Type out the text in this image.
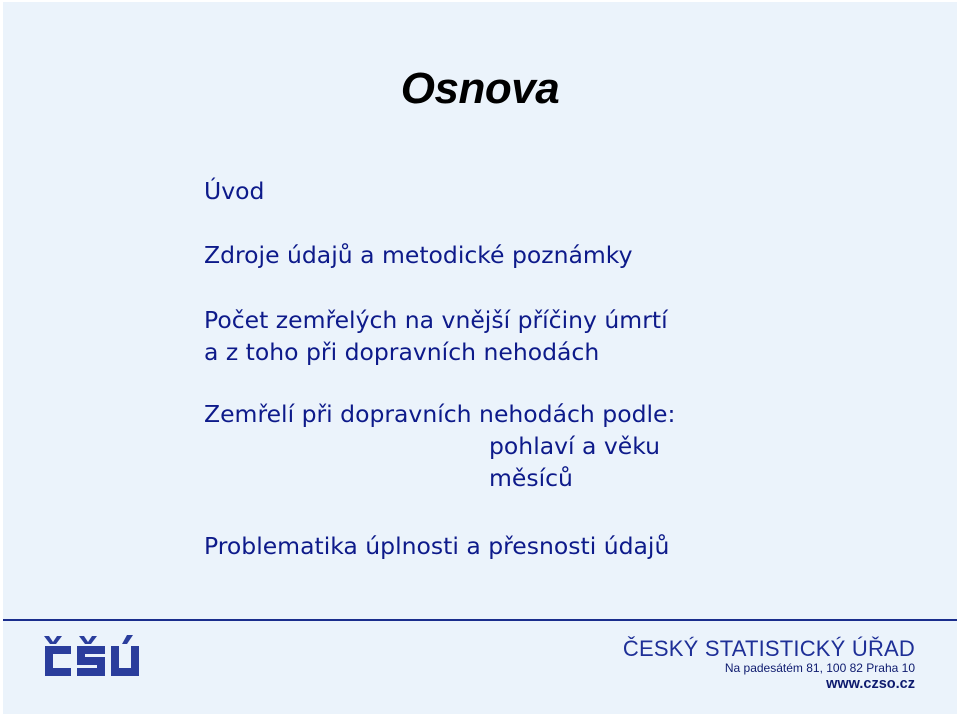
Osnova
Úvod
Zdroje údajů a metodické poznámky
Počet zemřelých na vnější příčiny úmrtí
a z toho při dopravních nehodách
Zemřelí při dopravních nehodách podle:
pohlaví a věku
měsíců
Problematika úplnosti a přesnosti údajů
ČESKÝ STATISTICKÝ ÚŘAD
Na padesátém 81, 100 82 Praha 10
www.czso.cz
